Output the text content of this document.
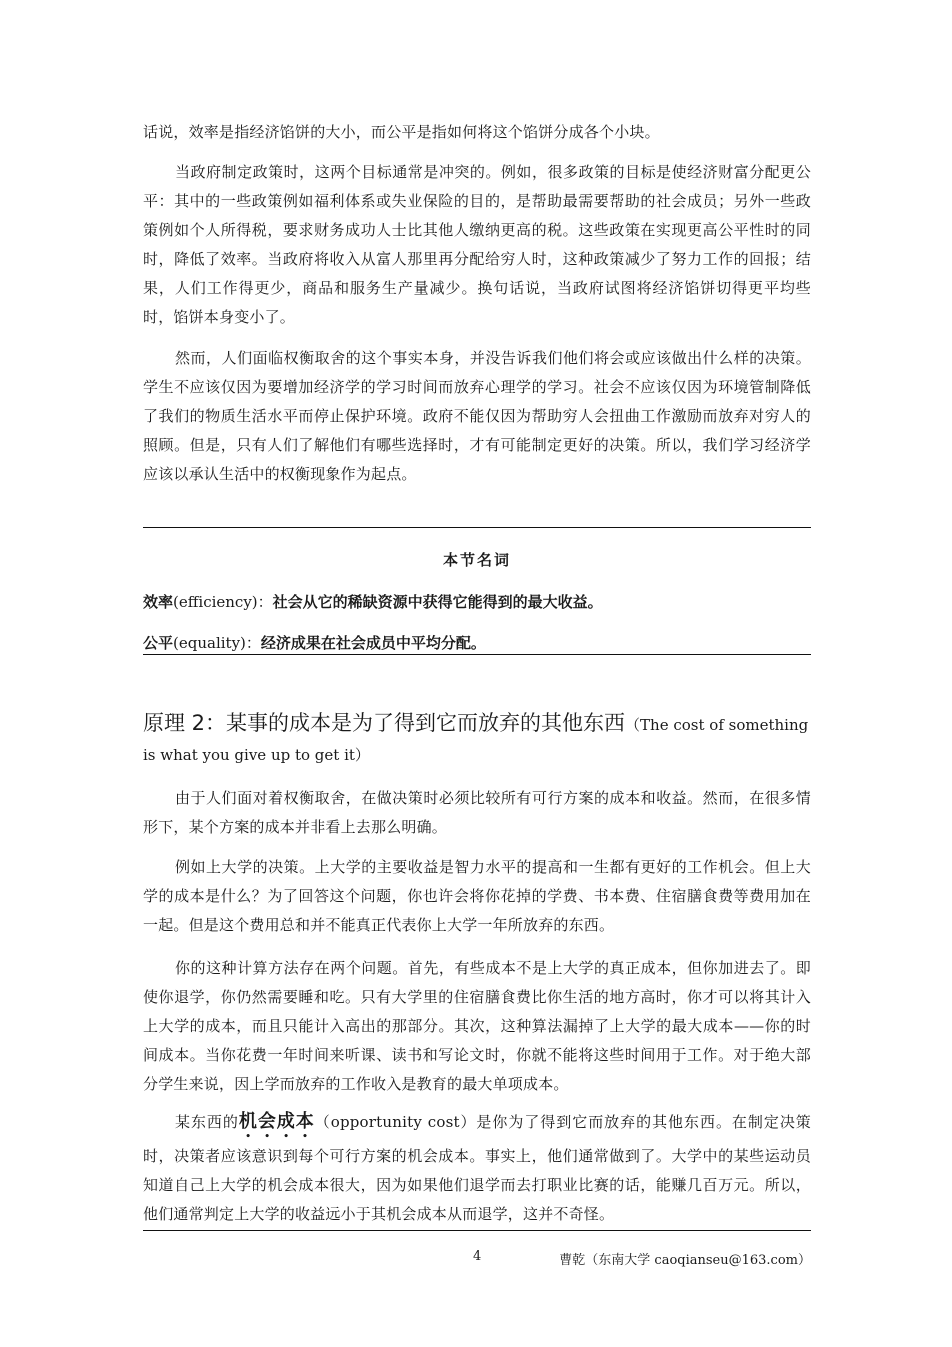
话说，效率是指经济馅饼的大小，而公平是指如何将这个馅饼分成各个小块。

当政府制定政策时，这两个目标通常是冲突的。例如，很多政策的目标是使经济财富分配更公平：其中的一些政策例如福利体系或失业保险的目的，是帮助最需要帮助的社会成员；另外一些政策例如个人所得税，要求财务成功人士比其他人缴纳更高的税。这些政策在实现更高公平性时的同时，降低了效率。当政府将收入从富人那里再分配给穷人时，这种政策减少了努力工作的回报；结果，人们工作得更少，商品和服务生产量减少。换句话说，当政府试图将经济馅饼切得更平均些时，馅饼本身变小了。

然而，人们面临权衡取舍的这个事实本身，并没告诉我们他们将会或应该做出什么样的决策。学生不应该仅因为要增加经济学的学习时间而放弃心理学的学习。社会不应该仅因为环境管制降低了我们的物质生活水平而停止保护环境。政府不能仅因为帮助穷人会扭曲工作激励而放弃对穷人的照顾。但是，只有人们了解他们有哪些选择时，才有可能制定更好的决策。所以，我们学习经济学应该以承认生活中的权衡现象作为起点。

本节名词
效率(efficiency)：社会从它的稀缺资源中获得它能得到的最大收益。
公平(equality)：经济成果在社会成员中平均分配。
原理 2：某事的成本是为了得到它而放弃的其他东西（The cost of something is what you give up to get it）

由于人们面对着权衡取舍，在做决策时必须比较所有可行方案的成本和收益。然而，在很多情形下，某个方案的成本并非看上去那么明确。

例如上大学的决策。上大学的主要收益是智力水平的提高和一生都有更好的工作机会。但上大学的成本是什么？为了回答这个问题，你也许会将你花掉的学费、书本费、住宿膳食费等费用加在一起。但是这个费用总和并不能真正代表你上大学一年所放弃的东西。

你的这种计算方法存在两个问题。首先，有些成本不是上大学的真正成本，但你加进去了。即使你退学，你仍然需要睡和吃。只有大学里的住宿膳食费比你生活的地方高时，你才可以将其计入上大学的成本，而且只能计入高出的那部分。其次，这种算法漏掉了上大学的最大成本——你的时间成本。当你花费一年时间来听课、读书和写论文时，你就不能将这些时间用于工作。对于绝大部分学生来说，因上学而放弃的工作收入是教育的最大单项成本。

某东西的机会成本（opportunity cost）是你为了得到它而放弃的其他东西。在制定决策时，决策者应该意识到每个可行方案的机会成本。事实上，他们通常做到了。大学中的某些运动员知道自己上大学的机会成本很大，因为如果他们退学而去打职业比赛的话，能赚几百万元。所以，他们通常判定上大学的收益远小于其机会成本从而退学，这并不奇怪。

4	曹乾（东南大学 caoqianseu@163.com）
